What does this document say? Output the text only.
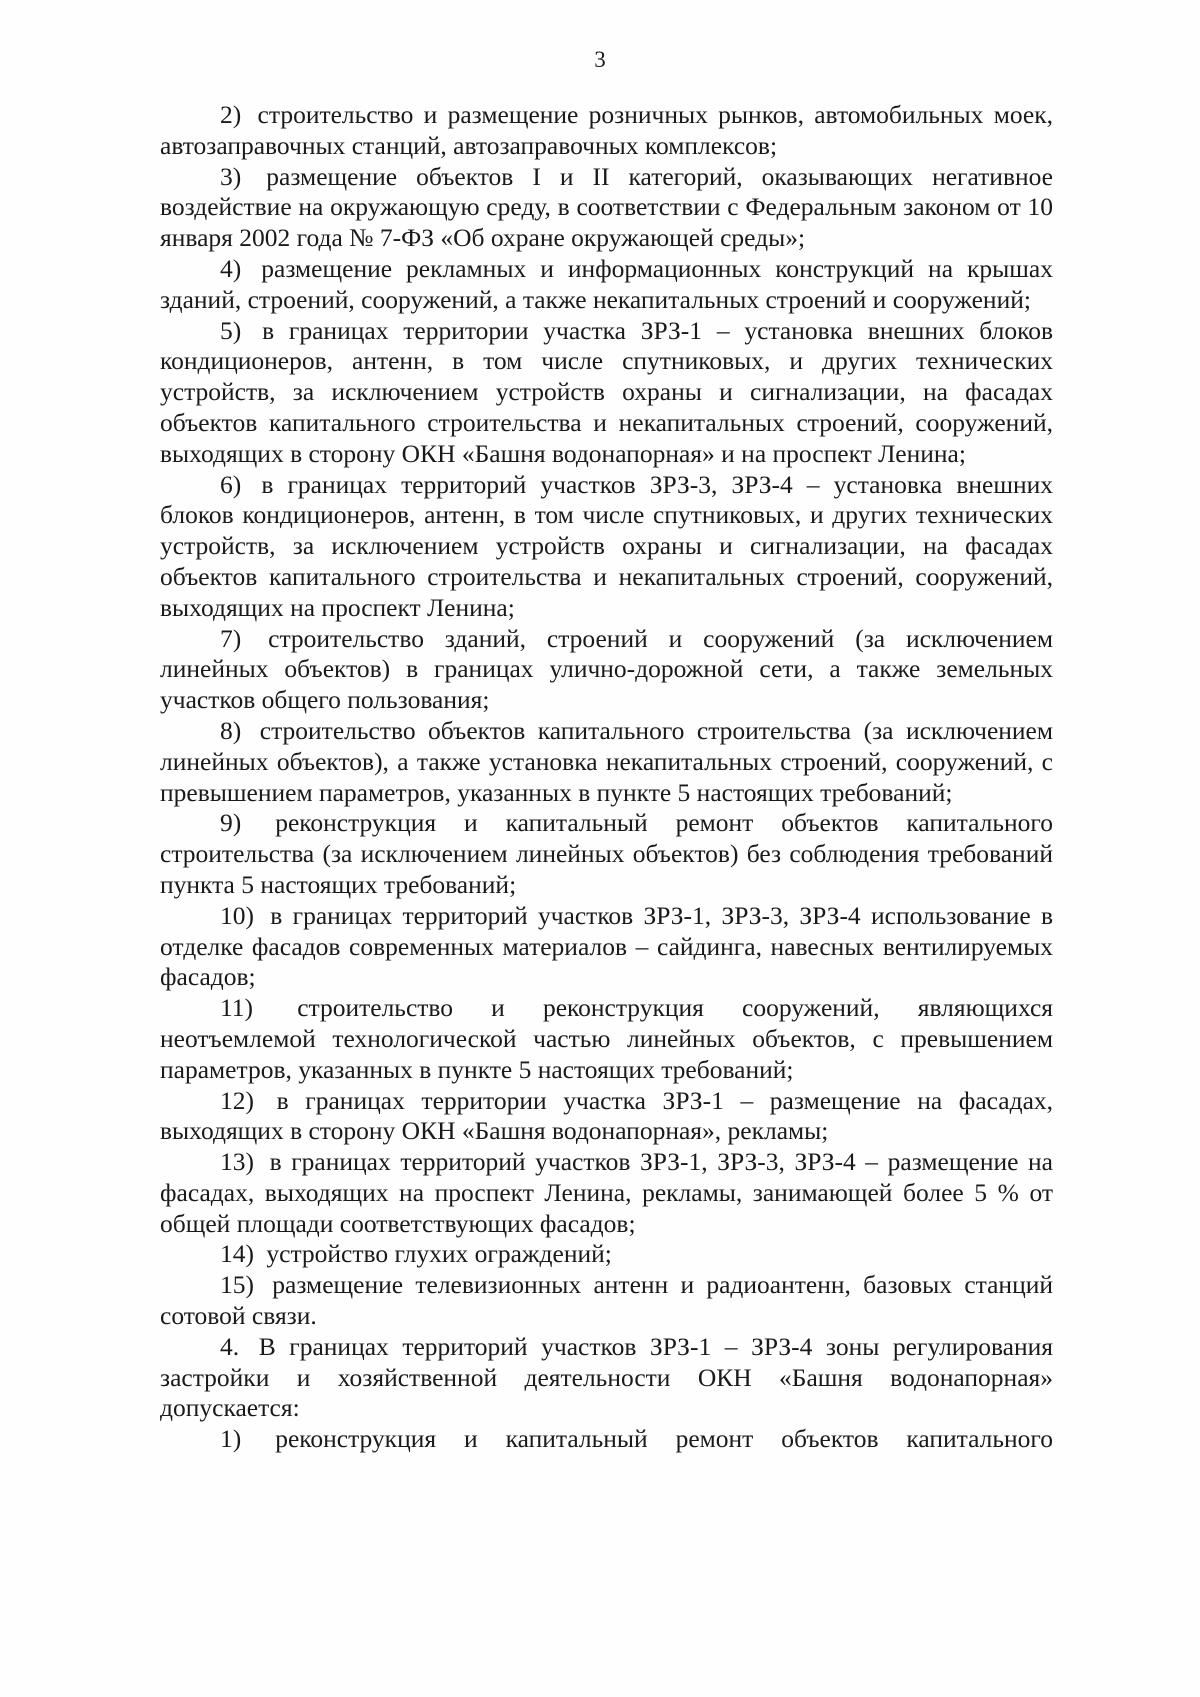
3

2) строительство и размещение розничных рынков, автомобильных моек, автозаправочных станций, автозаправочных комплексов;

3) размещение объектов I и II категорий, оказывающих негативное воздействие на окружающую среду, в соответствии с Федеральным законом от 10 января 2002 года № 7-ФЗ «Об охране окружающей среды»;

4) размещение рекламных и информационных конструкций на крышах зданий, строений, сооружений, а также некапитальных строений и сооружений;

5) в границах территории участка ЗРЗ-1 – установка внешних блоков кондиционеров, антенн, в том числе спутниковых, и других технических устройств, за исключением устройств охраны и сигнализации, на фасадах объектов капитального строительства и некапитальных строений, сооружений, выходящих в сторону ОКН «Башня водонапорная» и на проспект Ленина;

6) в границах территорий участков ЗРЗ-3, ЗРЗ-4 – установка внешних блоков кондиционеров, антенн, в том числе спутниковых, и других технических устройств, за исключением устройств охраны и сигнализации, на фасадах объектов капитального строительства и некапитальных строений, сооружений, выходящих на проспект Ленина;

7) строительство зданий, строений и сооружений (за исключением линейных объектов) в границах улично-дорожной сети, а также земельных участков общего пользования;

8) строительство объектов капитального строительства (за исключением линейных объектов), а также установка некапитальных строений, сооружений, с превышением параметров, указанных в пункте 5 настоящих требований;

9) реконструкция и капитальный ремонт объектов капитального строительства (за исключением линейных объектов) без соблюдения требований пункта 5 настоящих требований;

10) в границах территорий участков ЗРЗ-1, ЗРЗ-3, ЗРЗ-4 использование в отделке фасадов современных материалов – сайдинга, навесных вентилируемых фасадов;

11) строительство и реконструкция сооружений, являющихся неотъемлемой технологической частью линейных объектов, с превышением параметров, указанных в пункте 5 настоящих требований;

12) в границах территории участка ЗРЗ-1 – размещение на фасадах, выходящих в сторону ОКН «Башня водонапорная», рекламы;

13) в границах территорий участков ЗРЗ-1, ЗРЗ-3, ЗРЗ-4 – размещение на фасадах, выходящих на проспект Ленина, рекламы, занимающей более 5 % от общей площади соответствующих фасадов;

14) устройство глухих ограждений;

15) размещение телевизионных антенн и радиоантенн, базовых станций сотовой связи.

4. В границах территорий участков ЗРЗ-1 – ЗРЗ-4 зоны регулирования застройки и хозяйственной деятельности ОКН «Башня водонапорная» допускается:

1) реконструкция и капитальный ремонт объектов капитального
